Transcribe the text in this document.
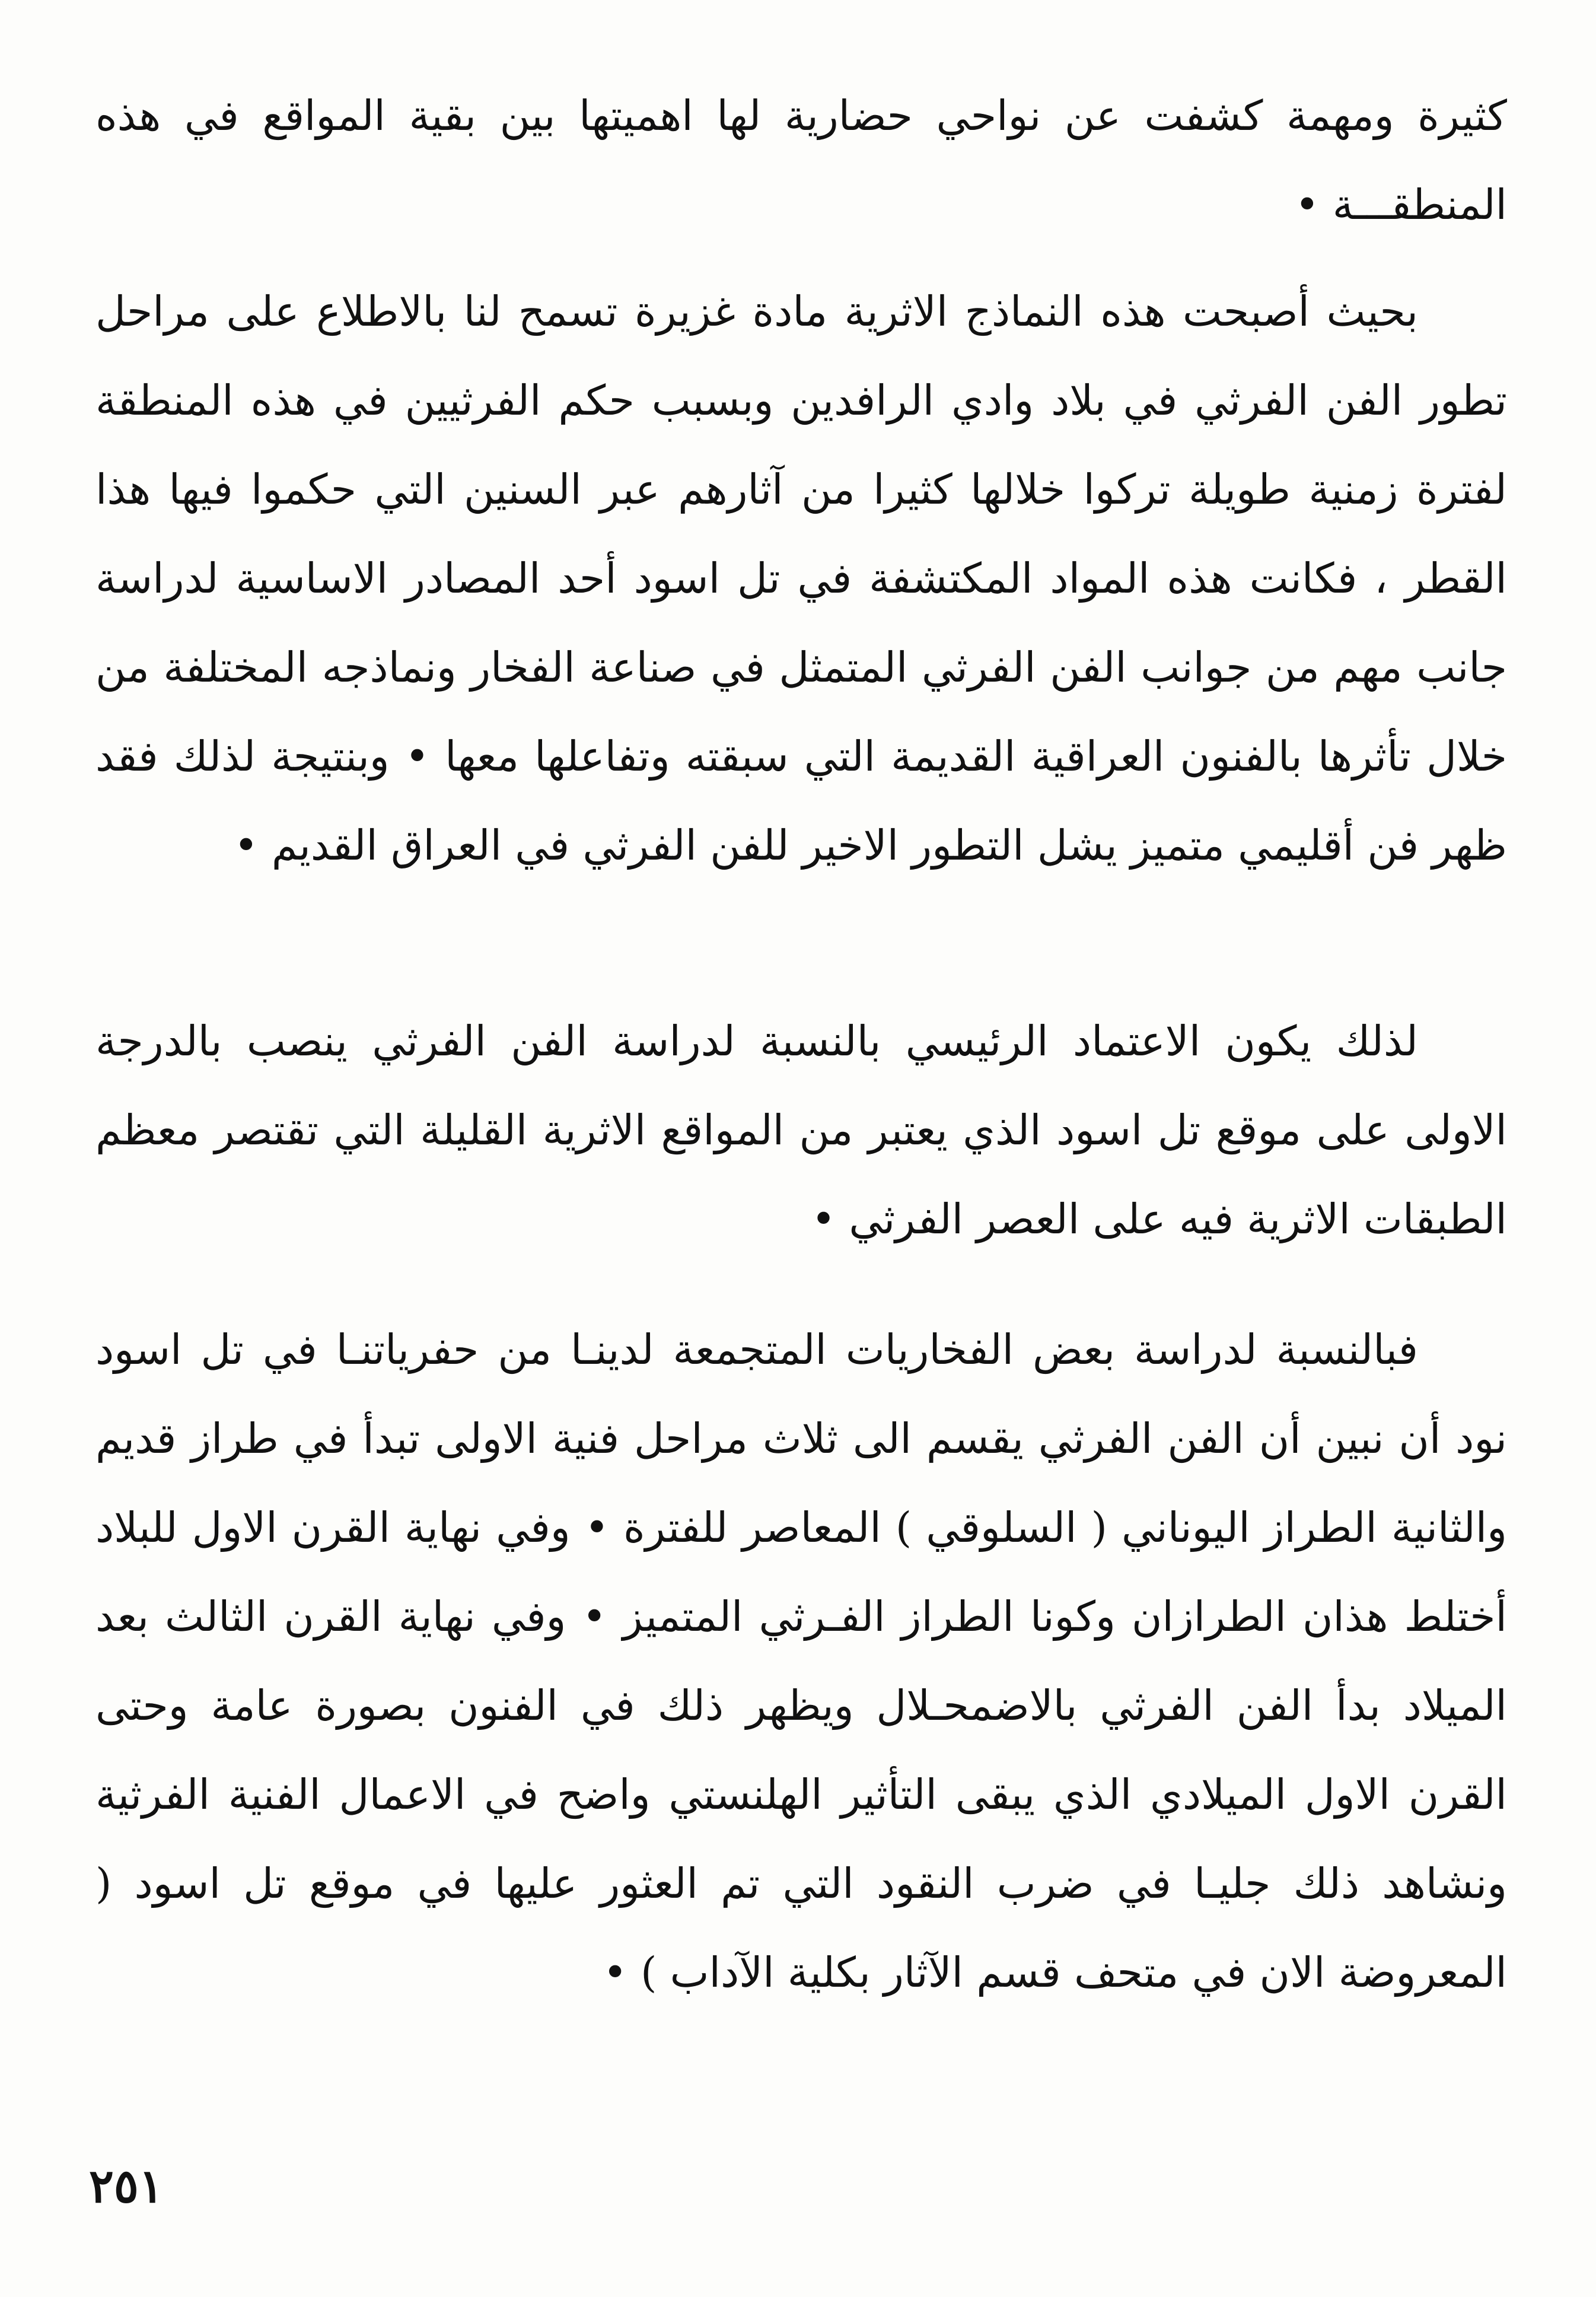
كثيرة ومهمة كشفت عن نواحي حضارية لها اهميتها بين بقية المواقع في هذه المنطقـــة •

بحيث أصبحت هذه النماذج الاثرية مادة غزيرة تسمح لنا بالاطلاع على مراحل تطور الفن الفرثي في بلاد وادي الرافدين وبسبب حكم الفرثيين في هذه المنطقة لفترة زمنية طويلة تركوا خلالها كثيرا من آثارهم عبر السنين التي حكموا فيها هذا القطر ، فكانت هذه المواد المكتشفة في تل اسود أحد المصادر الاساسية لدراسة جانب مهم من جوانب الفن الفرثي المتمثل في صناعة الفخار ونماذجه المختلفة من خلال تأثرها بالفنون العراقية القديمة التي سبقته وتفاعلها معها • وبنتيجة لذلك فقد ظهر فن أقليمي متميز يشل التطور الاخير للفن الفرثي في العراق القديم •

لذلك يكون الاعتماد الرئيسي بالنسبة لدراسة الفن الفرثي ينصب بالدرجة الاولى على موقع تل اسود الذي يعتبر من المواقع الاثرية القليلة التي تقتصر معظم الطبقات الاثرية فيه على العصر الفرثي •

فبالنسبة لدراسة بعض الفخاريات المتجمعة لدينـا من حفرياتنـا في تل اسود نود أن نبين أن الفن الفرثي يقسم الى ثلاث مراحل فنية الاولى تبدأ في طراز قديم والثانية الطراز اليوناني ( السلوقي ) المعاصر للفترة • وفي نهاية القرن الاول للبلاد أختلط هذان الطرازان وكونا الطراز الفـرثي المتميز • وفي نهاية القرن الثالث بعد الميلاد بدأ الفن الفرثي بالاضمحـلال ويظهر ذلك في الفنون بصورة عامة وحتى القرن الاول الميلادي الذي يبقى التأثير الهلنستي واضح في الاعمال الفنية الفرثية ونشاهد ذلك جليـا في ضرب النقود التي تم العثور عليها في موقع تل اسود ( المعروضة الان في متحف قسم الآثار بكلية الآداب ) •

٢٥١
